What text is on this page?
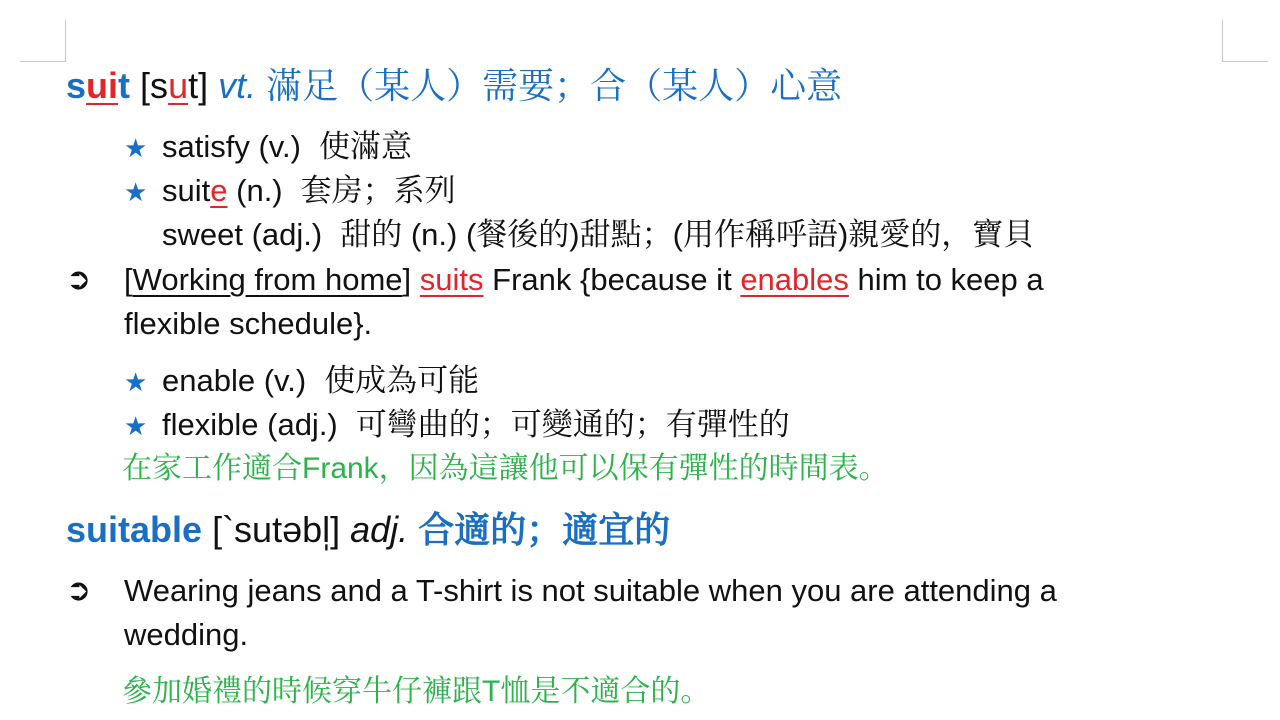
suit [sut] vt. 滿足（某人）需要；合（某人）心意
★ satisfy (v.) 使滿意
★ suite (n.) 套房；系列
sweet (adj.) 甜的 (n.) (餐後的)甜點；(用作稱呼語)親愛的，寶貝
➲ [Working from home] suits Frank {because it enables him to keep a
flexible schedule}.
★ enable (v.) 使成為可能
★ flexible (adj.) 可彎曲的；可變通的；有彈性的
在家工作適合Frank，因為這讓他可以保有彈性的時間表。
suitable [`sutəbl̩] adj. 合適的；適宜的
➲ Wearing jeans and a T-shirt is not suitable when you are attending a
wedding.
參加婚禮的時候穿牛仔褲跟T恤是不適合的。
